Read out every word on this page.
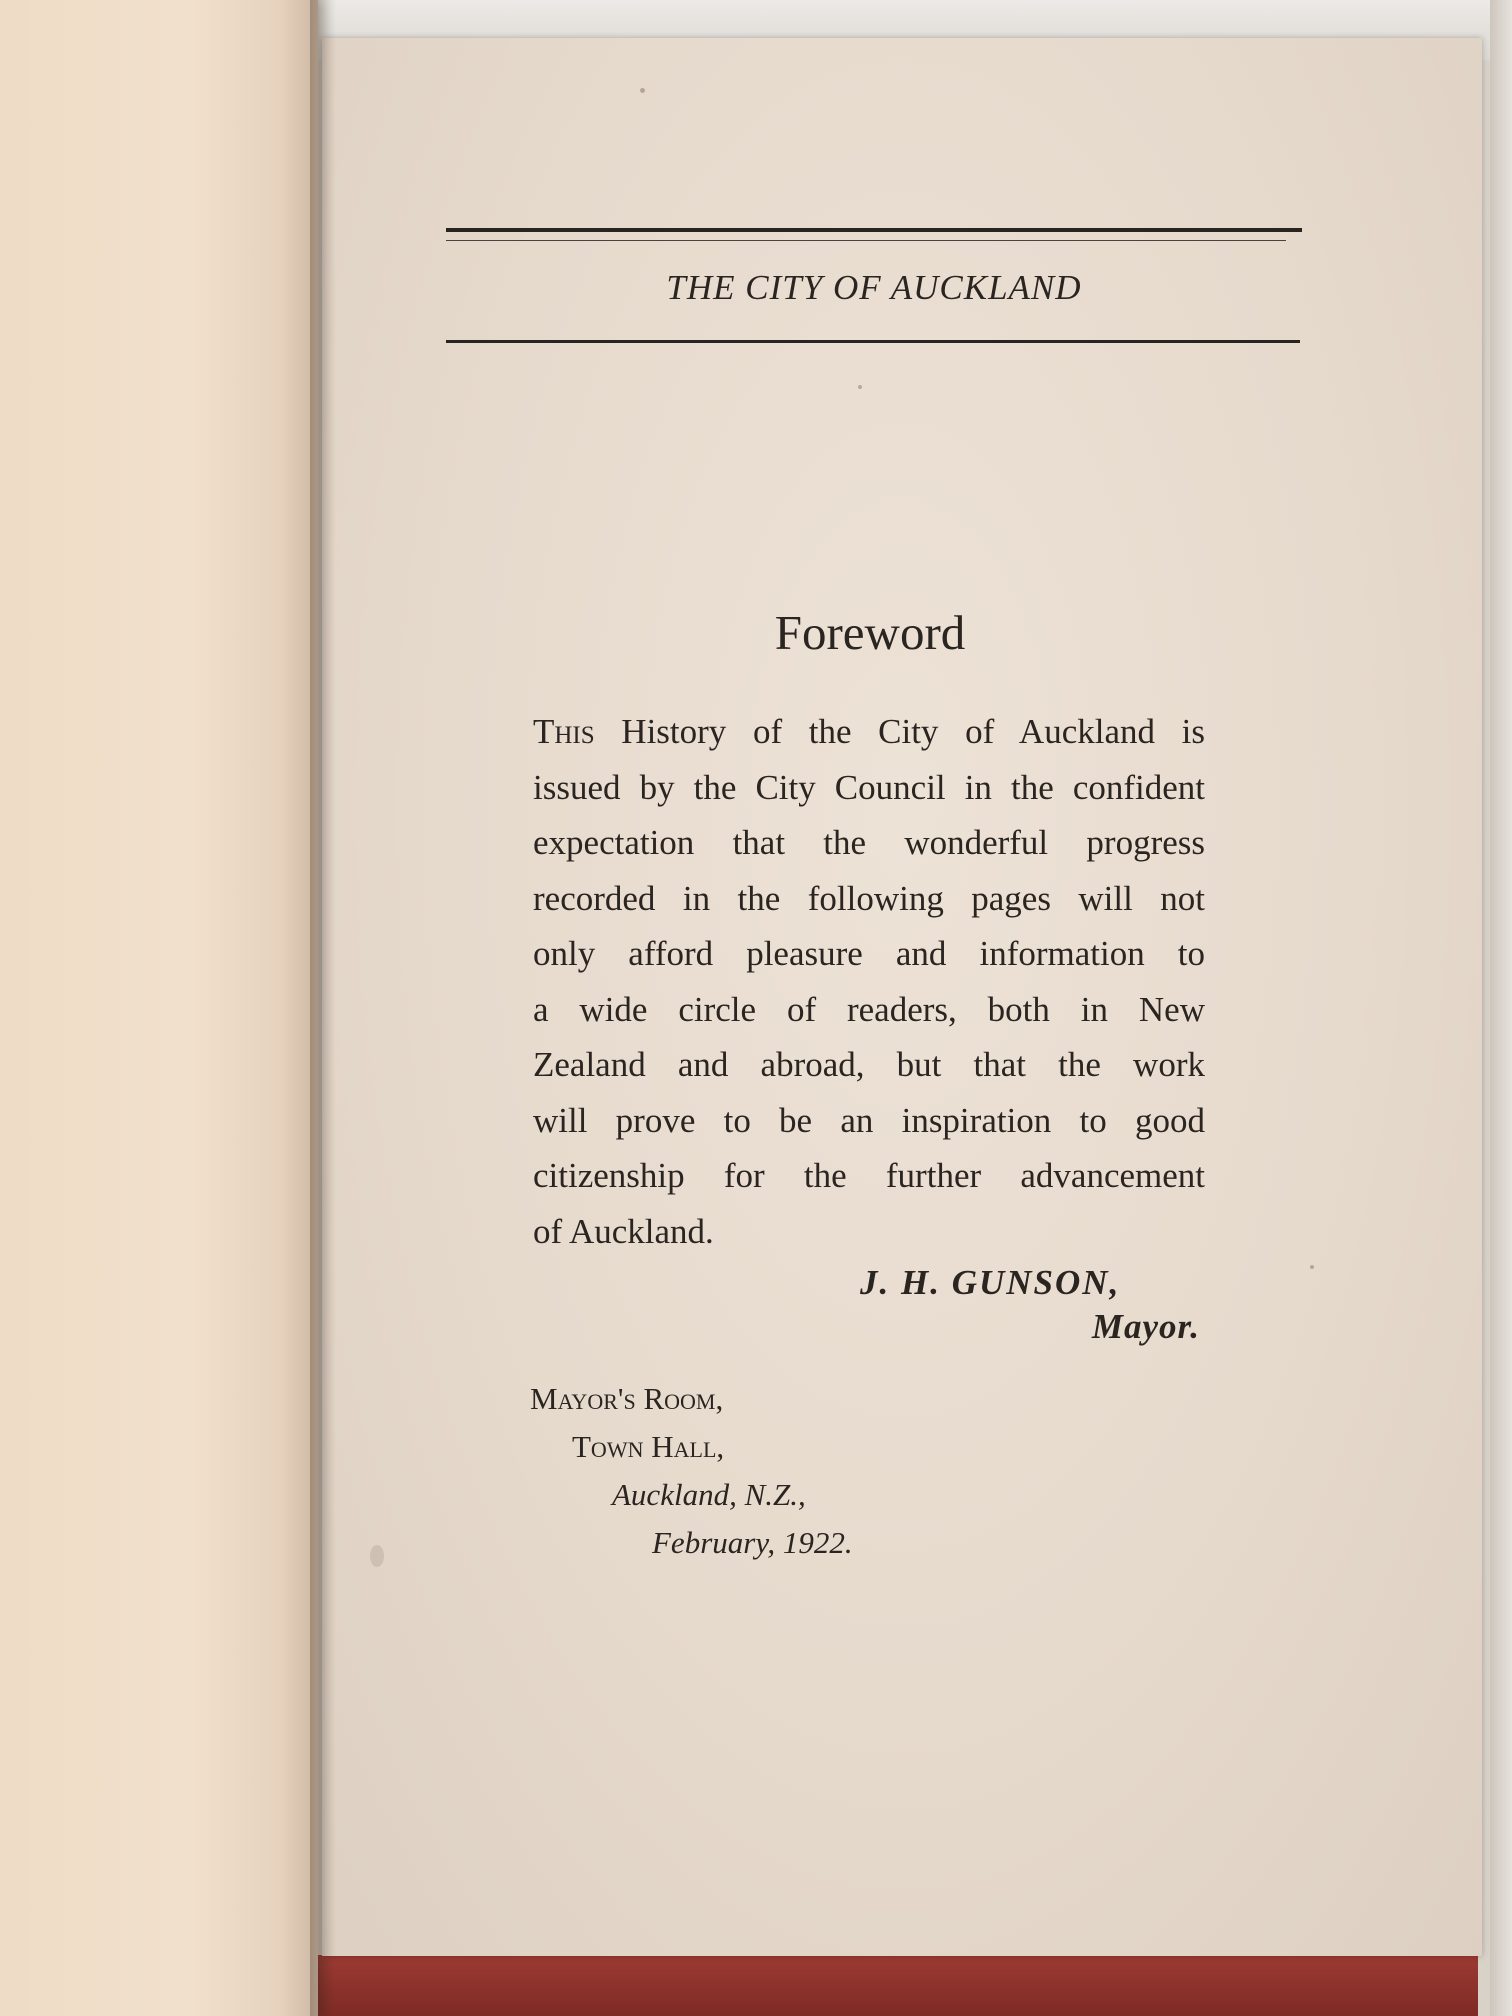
THE CITY OF AUCKLAND
Foreword
This History of the City of Auckland is
issued by the City Council in the confident
expectation that the wonderful progress
recorded in the following pages will not
only afford pleasure and information to
a wide circle of readers, both in New
Zealand and abroad, but that the work
will prove to be an inspiration to good
citizenship for the further advancement
of Auckland.
J. H. GUNSON,
Mayor.
Mayor's Room,
Town Hall,
Auckland, N.Z.,
February, 1922.
